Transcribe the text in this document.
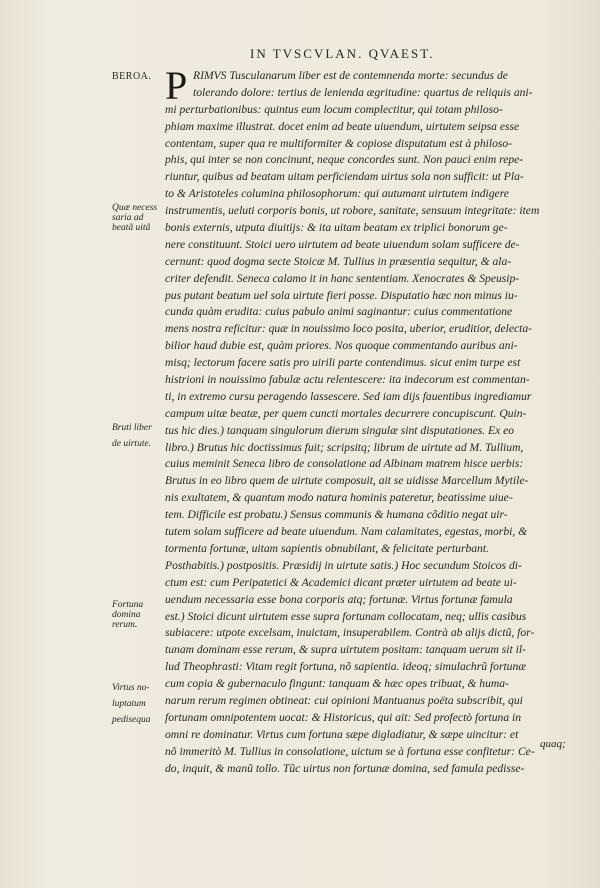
IN TVSCVLAN. QVAEST.
BEROA.
Quæ necess
saria ad
beatã uitã
Bruti liber
de uirtute.
Fortuna
domina
rerum.
Virtus no-
luptatum
pedisequa
P RIMVS Tusculanarum liber est de contemnenda morte: secundus de
tolerando dolore: tertius de lenienda ægritudine: quartus de reliquis ani-
mi perturbationibus: quintus eum locum complectitur, qui totam philoso-
phiam maxime illustrat. docet enim ad beate uiuendum, uirtutem seipsa esse
contentam, super qua re multiformiter & copiose disputatum est à philoso-
phis, qui inter se non concinunt, neque concordes sunt. Non pauci enim repe-
riuntur, quibus ad beatam uitam perficiendam uirtus sola non sufficit: ut Pla-
to & Aristoteles columina philosophorum: qui autumant uirtutem indigere
instrumentis, ueluti corporis bonis, ut robore, sanitate, sensuum integritate: item
bonis externis, utputa diuitijs: & ita uitam beatam ex triplici bonorum ge-
nere constituunt. Stoici uero uirtutem ad beate uiuendum solam sufficere de-
cernunt: quod dogma secte Stoicæ M. Tullius in præsentia sequitur, & ala-
criter defendit. Seneca calamo it in hanc sententiam. Xenocrates & Speusip-
pus putant beatum uel sola uirtute fieri posse. Disputatio hæc non minus iu-
cunda quàm erudita: cuius pabulo animi saginantur: cuius commentatione
mens nostra reficitur: quæ in nouissimo loco posita, uberior, eruditior, delecta-
bilior haud dubie est, quàm priores. Nos quoque commentando auribus ani-
misq; lectorum facere satis pro uirili parte contendimus. sicut enim turpe est
histrioni in nouissimo fabulæ actu relentescere: ita indecorum est commentan-
ti, in extremo cursu peragendo lassescere. Sed iam dijs fauentibus ingrediamur
campum uitæ beatæ, per quem cuncti mortales decurrere concupiscunt. Quin-
tus hic dies.) tanquam singulorum dierum singulæ sint disputationes. Ex eo
libro.) Brutus hic doctissimus fuit; scripsitq; librum de uirtute ad M. Tullium,
cuius meminit Seneca libro de consolatione ad Albinam matrem hisce uerbis:
Brutus in eo libro quem de uirtute composuit, ait se uidisse Marcellum Mytile-
nis exultatem, & quantum modo natura hominis pateretur, beatissime uiue-
tem. Difficile est probatu.) Sensus communis & humana cõditio negat uir-
tutem solam sufficere ad beate uiuendum. Nam calamitates, egestas, morbi, &
tormenta fortunæ, uitam sapientis obnubilant, & felicitate perturbant.
Posthabitis.) postpositis. Præsidij in uirtute satis.) Hoc secundum Stoicos di-
ctum est: cum Peripatetici & Academici dicant præter uirtutem ad beate ui-
uendum necessaria esse bona corporis atq; fortunæ. Virtus fortunæ famula
est.) Stoici dicunt uirtutem esse supra fortunam collocatam, neq; ullis casibus
subiacere: utpote excelsam, inuictam, insuperabilem. Contrà ab alijs dictũ, for-
tunam dominam esse rerum, & supra uirtutem positam: tanquam uerum sit il-
lud Theophrasti: Vitam regit fortuna, nõ sapientia. ideoq; simulachrũ fortunæ
cum copia & gubernaculo fingunt: tanquam & hæc opes tribuat, & huma-
narum rerum regimen obtineat: cui opinioni Mantuanus poëta subscribit, qui
fortunam omnipotentem uocat: & Historicus, qui ait: Sed profectò fortuna in
omni re dominatur. Virtus cum fortuna sæpe digladiatur, & sæpe uincitur: et
nõ immeritò M. Tullius in consolatione, uictum se à fortuna esse confitetur: Ce-
do, inquit, & manũ tollo. Tũc uirtus non fortunæ domina, sed famula pedisse-
quaq;
